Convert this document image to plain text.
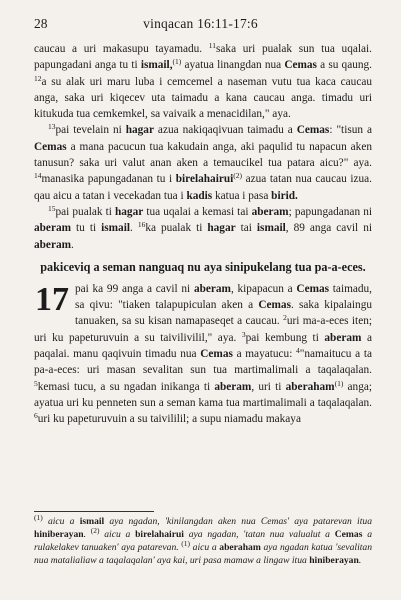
28	vinqacan 16:11-17:6

caucau a uri makasupu tayamadu. $^{11}$saka uri pualak sun tua uqalai. papungadani anga tu ti ismail,$^{(1)}$ ayatua linangdan nua Cemas a su qaung. $^{12}$a su alak uri maru luba i cemcemel a naseman vutu tua kaca caucau anga, saka uri kiqecev uta taimadu a kana caucau anga. timadu uri kitukuda tua cemkemkel, sa vaivaik a menacidilan," aya.

$^{13}$pai tevelain ni hagar azua nakiqaqivuan taimadu a Cemas: "tisun a Cemas a mana pacucun tua kakudain anga, aki paqulid tu napacun aken tanusun? saka uri valut anan aken a temaucikel tua patara aicu?" aya. $^{14}$manasika papungadanan tu i birelahairui$^{(2)}$ azua tatan nua caucau izua. qau aicu a tatan i vecekadan tua i kadis katua i pasa birid.

$^{15}$pai pualak ti hagar tua uqalai a kemasi tai aberam; papungadanan ni aberam tu ti ismail. $^{16}$ka pualak ti hagar tai ismail, 89 anga cavil ni aberam.

pakiceviq a seman nanguaq nu aya sinipukelang tua pa-a-eces.

17 pai ka 99 anga a cavil ni aberam, kipapacun a Cemas taimadu, sa qivu: "tiaken talapupiculan aken a Cemas. saka kipalaingu tanuaken, sa su kisan namapaseqet a caucau. $^2$uri ma-a-eces iten; uri ku papeturuvuin a su taivilivilil," aya. $^3$pai kembung ti aberam a paqalai. manu qaqivuin timadu nua Cemas a mayatucu: $^4$"namaitucu a ta pa-a-eces: uri masan sevalitan sun tua martimalimali a taqalaqalan. $^5$kemasi tucu, a su ngadan inikanga ti aberam, uri ti aberaham$^{(1)}$ anga; ayatua uri ku penneten sun a seman kama tua martimalimali a taqalaqalan. $^6$uri ku papeturuvuin a su taivililil; a supu niamadu makaya

$^{(1)}$ aicu a ismail aya ngadan, 'kinilangdan aken nua Cemas' aya patarevan itua hiniberayan. $^{(2)}$ aicu a birelahairui aya ngadan, 'tatan nua valualut a Cemas a rulakelakev tanuaken' aya patarevan. $^{(1)}$ aicu a aberaham aya ngadan katua 'sevalitan nua matalialiaw a taqalaqalan' aya kai, uri pasa mamaw a lingaw itua hiniberayan.
